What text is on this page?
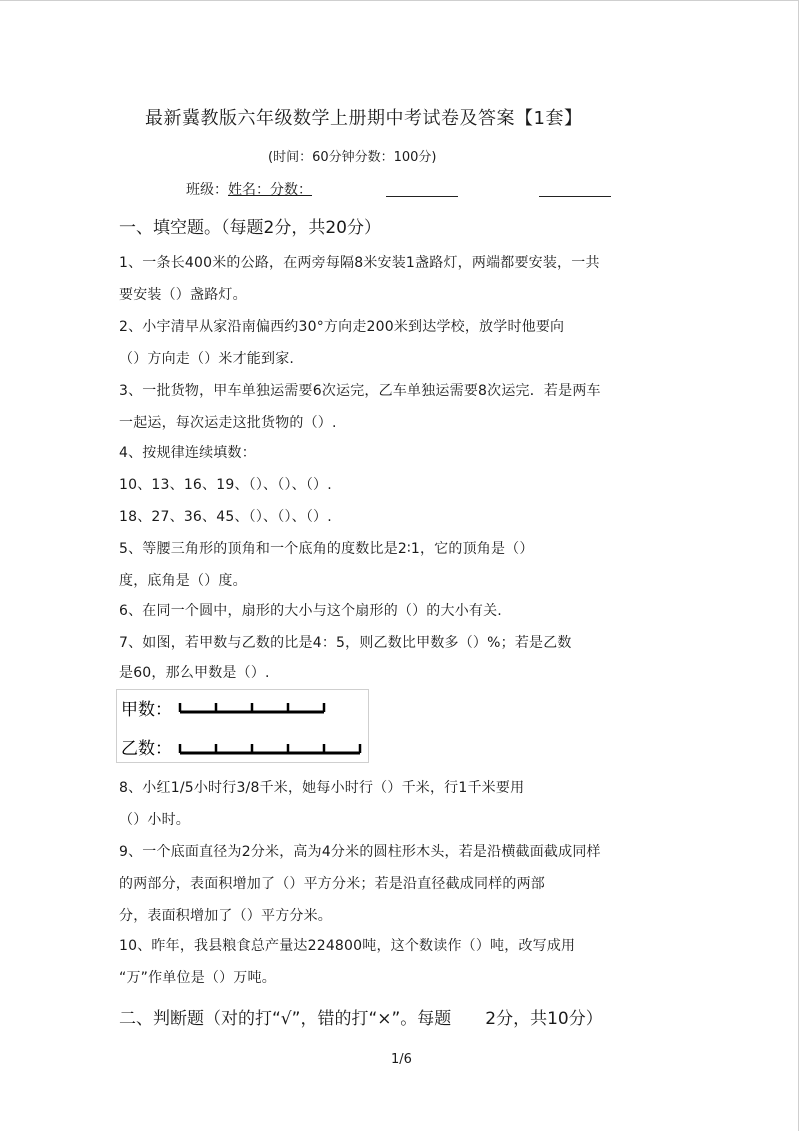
最新冀教版六年级数学上册期中考试卷及答案【1套】
(时间：60分钟分数：100分)
班级：姓名：分数：
一、填空题。（每题2分，共20分）
1、一条长400米的公路，在两旁每隔8米安装1盏路灯，两端都要安装，一共
要安装（）盏路灯。
2、小宇清早从家沿南偏西约30°方向走200米到达学校，放学时他要向
（）方向走（）米才能到家.
3、一批货物，甲车单独运需要6次运完，乙车单独运需要8次运完．若是两车
一起运，每次运走这批货物的（）.
4、按规律连续填数：
10、13、16、19、（）、（）、（）.
18、27、36、45、（）、（）、（）.
5、等腰三角形的顶角和一个底角的度数比是2∶1，它的顶角是（）
度，底角是（）度。
6、在同一个圆中，扇形的大小与这个扇形的（）的大小有关.
7、如图，若甲数与乙数的比是4：5，则乙数比甲数多（）%；若是乙数
是60，那么甲数是（）.
甲数：
乙数：
8、小红1/5小时行3/8千米，她每小时行（）千米，行1千米要用
（）小时。
9、一个底面直径为2分米，高为4分米的圆柱形木头，若是沿横截面截成同样
的两部分，表面积增加了（）平方分米；若是沿直径截成同样的两部
分，表面积增加了（）平方分米。
10、昨年，我县粮食总产量达224800吨，这个数读作（）吨，改写成用
“万”作单位是（）万吨。
二、判断题（对的打“√”，错的打“×”。每题　　2分，共10分）
1/6
